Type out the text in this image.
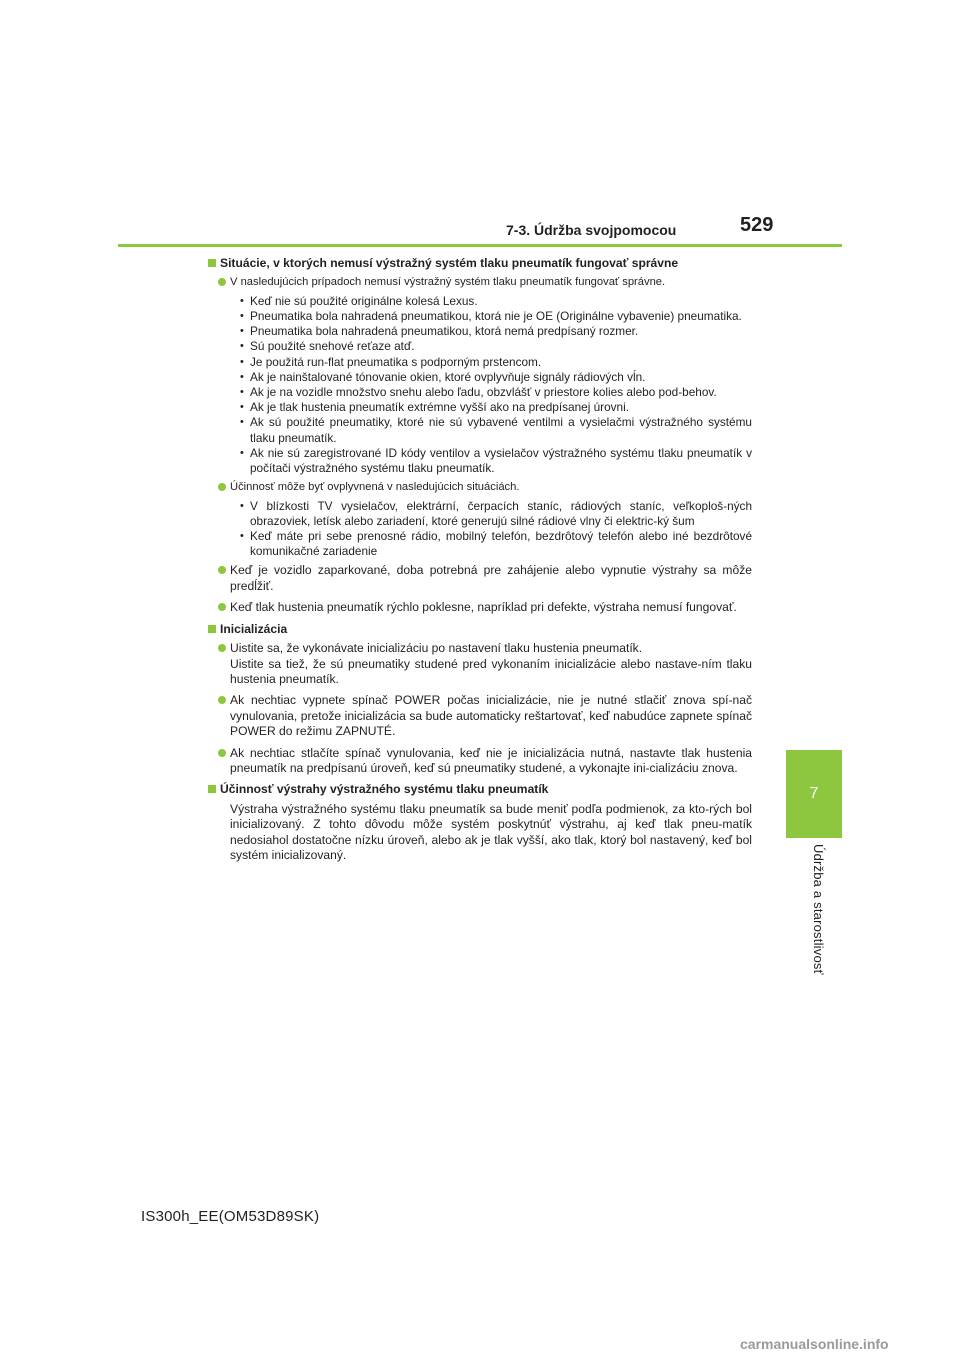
7-3. Údržba svojpomocou	529
7
Údržba a starostlivosť
Situácie, v ktorých nemusí výstražný systém tlaku pneumatík fungovať správne

V nasledujúcich prípadoch nemusí výstražný systém tlaku pneumatík fungovať správne.

• Keď nie sú použité originálne kolesá Lexus.
• Pneumatika bola nahradená pneumatikou, ktorá nie je OE (Originálne vybavenie) pneumatika.
• Pneumatika bola nahradená pneumatikou, ktorá nemá predpísaný rozmer.
• Sú použité snehové reťaze atď.
• Je použitá run-flat pneumatika s podporným prstencom.
• Ak je nainštalované tónovanie okien, ktoré ovplyvňuje signály rádiových vĺn.
• Ak je na vozidle množstvo snehu alebo ľadu, obzvlášť v priestore kolies alebo pod-behov.
• Ak je tlak hustenia pneumatík extrémne vyšší ako na predpísanej úrovni.
• Ak sú použité pneumatiky, ktoré nie sú vybavené ventilmi a vysielačmi výstražného systému tlaku pneumatík.
• Ak nie sú zaregistrované ID kódy ventilov a vysielačov výstražného systému tlaku pneumatík v počítači výstražného systému tlaku pneumatík.

Účinnosť môže byť ovplyvnená v nasledujúcich situáciách.

• V blízkosti TV vysielačov, elektrární, čerpacích staníc, rádiových staníc, veľkoploš-ných obrazoviek, letísk alebo zariadení, ktoré generujú silné rádiové vlny či elektric-ký šum
• Keď máte pri sebe prenosné rádio, mobilný telefón, bezdrôtový telefón alebo iné bezdrôtové komunikačné zariadenie

Keď je vozidlo zaparkované, doba potrebná pre zahájenie alebo vypnutie výstrahy sa môže predĺžiť.

Keď tlak hustenia pneumatík rýchlo poklesne, napríklad pri defekte, výstraha nemusí fungovať.

Inicializácia

Uistite sa, že vykonávate inicializáciu po nastavení tlaku hustenia pneumatík.

Uistite sa tiež, že sú pneumatiky studené pred vykonaním inicializácie alebo nastave-ním tlaku hustenia pneumatík.

Ak nechtiac vypnete spínač POWER počas inicializácie, nie je nutné stlačiť znova spí-nač vynulovania, pretože inicializácia sa bude automaticky reštartovať, keď nabudúce zapnete spínač POWER do režimu ZAPNUTÉ.

Ak nechtiac stlačíte spínač vynulovania, keď nie je inicializácia nutná, nastavte tlak hustenia pneumatík na predpísanú úroveň, keď sú pneumatiky studené, a vykonajte ini-cializáciu znova.

Účinnosť výstrahy výstražného systému tlaku pneumatík
Výstraha výstražného systému tlaku pneumatík sa bude meniť podľa podmienok, za kto-rých bol inicializovaný. Z tohto dôvodu môže systém poskytnúť výstrahu, aj keď tlak pneu-matík nedosiahol dostatočne nízku úroveň, alebo ak je tlak vyšší, ako tlak, ktorý bol nastavený, keď bol systém inicializovaný.
IS300h_EE(OM53D89SK)
carmanualsonline.info
